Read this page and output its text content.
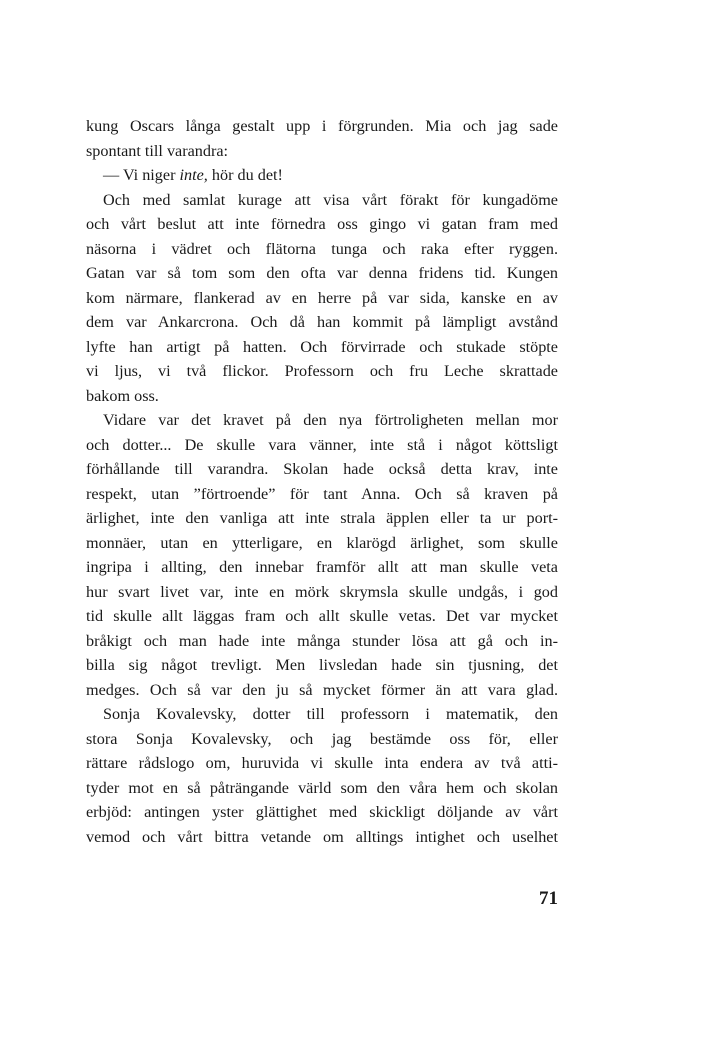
kung Oscars långa gestalt upp i förgrunden. Mia och jag sade
spontant till varandra:
— Vi niger inte, hör du det!
Och med samlat kurage att visa vårt förakt för kungadöme
och vårt beslut att inte förnedra oss gingo vi gatan fram med
näsorna i vädret och flätorna tunga och raka efter ryggen.
Gatan var så tom som den ofta var denna fridens tid. Kungen
kom närmare, flankerad av en herre på var sida, kanske en av
dem var Ankarcrona. Och då han kommit på lämpligt avstånd
lyfte han artigt på hatten. Och förvirrade och stukade stöpte
vi ljus, vi två flickor. Professorn och fru Leche skrattade
bakom oss.
Vidare var det kravet på den nya förtroligheten mellan mor
och dotter... De skulle vara vänner, inte stå i något köttsligt
förhållande till varandra. Skolan hade också detta krav, inte
respekt, utan ”förtroende” för tant Anna. Och så kraven på
ärlighet, inte den vanliga att inte strala äpplen eller ta ur port-
monnäer, utan en ytterligare, en klarögd ärlighet, som skulle
ingripa i allting, den innebar framför allt att man skulle veta
hur svart livet var, inte en mörk skrymsla skulle undgås, i god
tid skulle allt läggas fram och allt skulle vetas. Det var mycket
bråkigt och man hade inte många stunder lösa att gå och in-
billa sig något trevligt. Men livsledan hade sin tjusning, det
medges. Och så var den ju så mycket förmer än att vara glad.
Sonja Kovalevsky, dotter till professorn i matematik, den
stora Sonja Kovalevsky, och jag bestämde oss för, eller
rättare rådslogo om, huruvida vi skulle inta endera av två atti-
tyder mot en så påträngande värld som den våra hem och skolan
erbjöd: antingen yster glättighet med skickligt döljande av vårt
vemod och vårt bittra vetande om alltings intighet och uselhet
71
